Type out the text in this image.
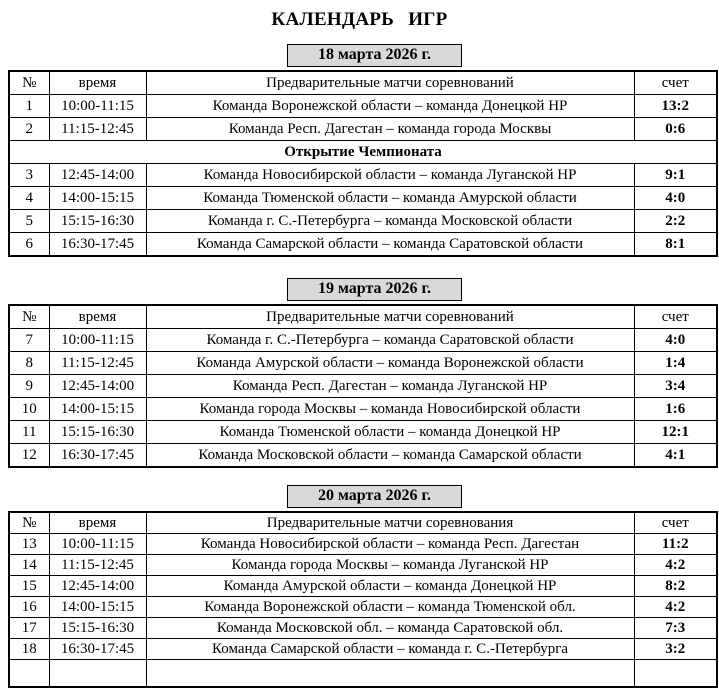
КАЛЕНДАРЬ ИГР
18 марта 2026 г.
№	время	Предварительные матчи соревнований	счет
1	10:00-11:15	Команда Воронежской области – команда Донецкой НР	13:2
2	11:15-12:45	Команда Респ. Дагестан – команда города Москвы	0:6
Открытие Чемпионата			
3	12:45-14:00	Команда Новосибирской области – команда Луганской НР	9:1
4	14:00-15:15	Команда Тюменской области – команда Амурской области	4:0
5	15:15-16:30	Команда г. С.-Петербурга – команда Московской области	2:2
6	16:30-17:45	Команда Самарской области – команда Саратовской области	8:1
19 марта 2026 г.
№	время	Предварительные матчи соревнований	счет
7	10:00-11:15	Команда г. С.-Петербурга – команда Саратовской области	4:0
8	11:15-12:45	Команда Амурской области – команда Воронежской области	1:4
9	12:45-14:00	Команда Респ. Дагестан – команда Луганской НР	3:4
10	14:00-15:15	Команда города Москвы – команда Новосибирской области	1:6
11	15:15-16:30	Команда Тюменской области – команда Донецкой НР	12:1
12	16:30-17:45	Команда Московской области – команда Самарской области	4:1
20 марта 2026 г.
№	время	Предварительные матчи соревнования	счет
13	10:00-11:15	Команда Новосибирской области – команда Респ. Дагестан	11:2
14	11:15-12:45	Команда города Москвы – команда Луганской НР	4:2
15	12:45-14:00	Команда Амурской области – команда Донецкой НР	8:2
16	14:00-15:15	Команда Воронежской области – команда Тюменской обл.	4:2
17	15:15-16:30	Команда Московской обл. – команда Саратовской обл.	7:3
18	16:30-17:45	Команда Самарской области – команда г. С.-Петербурга	3:2
